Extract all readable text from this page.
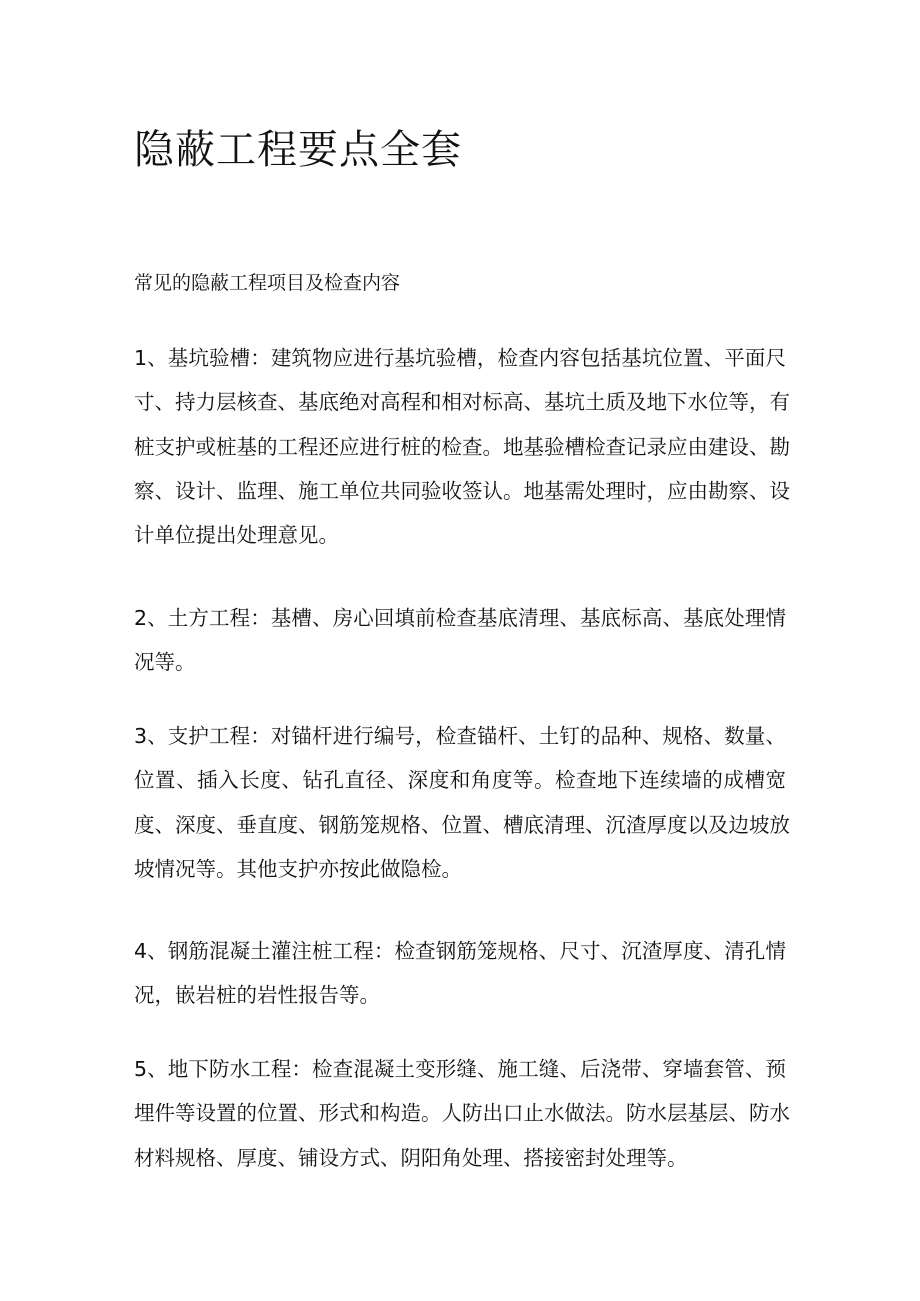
隐蔽工程要点全套

常见的隐蔽工程项目及检查内容

1、基坑验槽：建筑物应进行基坑验槽，检查内容包括基坑位置、平面尺
寸、持力层核查、基底绝对高程和相对标高、基坑土质及地下水位等，有
桩支护或桩基的工程还应进行桩的检查。地基验槽检查记录应由建设、勘
察、设计、监理、施工单位共同验收签认。地基需处理时，应由勘察、设
计单位提出处理意见。
2、土方工程：基槽、房心回填前检查基底清理、基底标高、基底处理情
况等。
3、支护工程：对锚杆进行编号，检查锚杆、土钉的品种、规格、数量、
位置、插入长度、钻孔直径、深度和角度等。检查地下连续墙的成槽宽
度、深度、垂直度、钢筋笼规格、位置、槽底清理、沉渣厚度以及边坡放
坡情况等。其他支护亦按此做隐检。
4、钢筋混凝土灌注桩工程：检查钢筋笼规格、尺寸、沉渣厚度、清孔情
况，嵌岩桩的岩性报告等。
5、地下防水工程：检查混凝土变形缝、施工缝、后浇带、穿墙套管、预
埋件等设置的位置、形式和构造。人防出口止水做法。防水层基层、防水
材料规格、厚度、铺设方式、阴阳角处理、搭接密封处理等。
